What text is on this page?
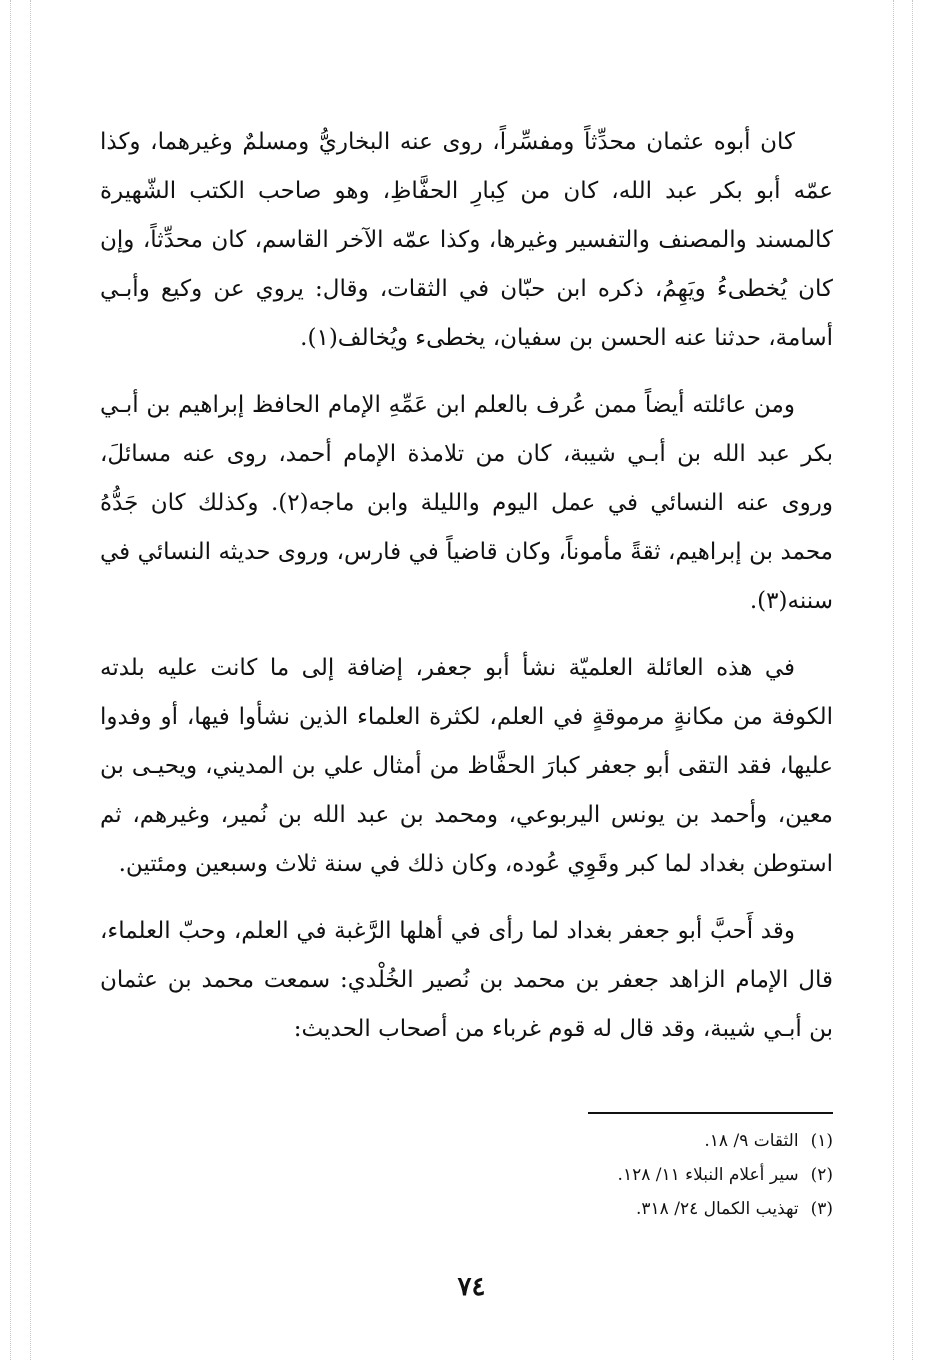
كان أبوه عثمان محدِّثاً ومفسِّراً، روى عنه البخاريُّ ومسلمٌ وغيرهما، وكذا عمّه أبو بكر عبد الله، كان من كِبارِ الحفَّاظِ، وهو صاحب الكتب الشّهيرة كالمسند والمصنف والتفسير وغيرها، وكذا عمّه الآخر القاسم، كان محدِّثاً، وإن كان يُخطىءُ ويَهِمُ، ذكره ابن حبّان في الثقات، وقال: يروي عن وكيع وأبـي أسامة، حدثنا عنه الحسن بن سفيان، يخطىء ويُخالف(١).

ومن عائلته أيضاً ممن عُرف بالعلم ابن عَمِّهِ الإمام الحافظ إبراهيم بن أبـي بكر عبد الله بن أبـي شيبة، كان من تلامذة الإمام أحمد، روى عنه مسائلَ، وروى عنه النسائي في عمل اليوم والليلة وابن ماجه(٢). وكذلك كان جَدُّهُ محمد بن إبراهيم، ثقةً مأموناً، وكان قاضياً في فارس، وروى حديثه النسائي في سننه(٣).

في هذه العائلة العلميّة نشأ أبو جعفر، إضافة إلى ما كانت عليه بلدته الكوفة من مكانةٍ مرموقةٍ في العلم، لكثرة العلماء الذين نشأوا فيها، أو وفدوا عليها، فقد التقى أبو جعفر كبارَ الحفَّاظ من أمثال علي بن المديني، ويحيـى بن معين، وأحمد بن يونس اليربوعي، ومحمد بن عبد الله بن نُمير، وغيرهم، ثم استوطن بغداد لما كبر وقَوِي عُوده، وكان ذلك في سنة ثلاث وسبعين ومئتين.

وقد أَحبَّ أبو جعفر بغداد لما رأى في أهلها الرَّغبة في العلم، وحبّ العلماء، قال الإمام الزاهد جعفر بن محمد بن نُصير الخُلْدي: سمعت محمد بن عثمان بن أبـي شيبة، وقد قال له قوم غرباء من أصحاب الحديث:

(١)الثقات ٩/ ١٨.
(٢)سير أعلام النبلاء ١١/ ١٢٨.
(٣)تهذيب الكمال ٢٤/ ٣١٨.
٧٤
